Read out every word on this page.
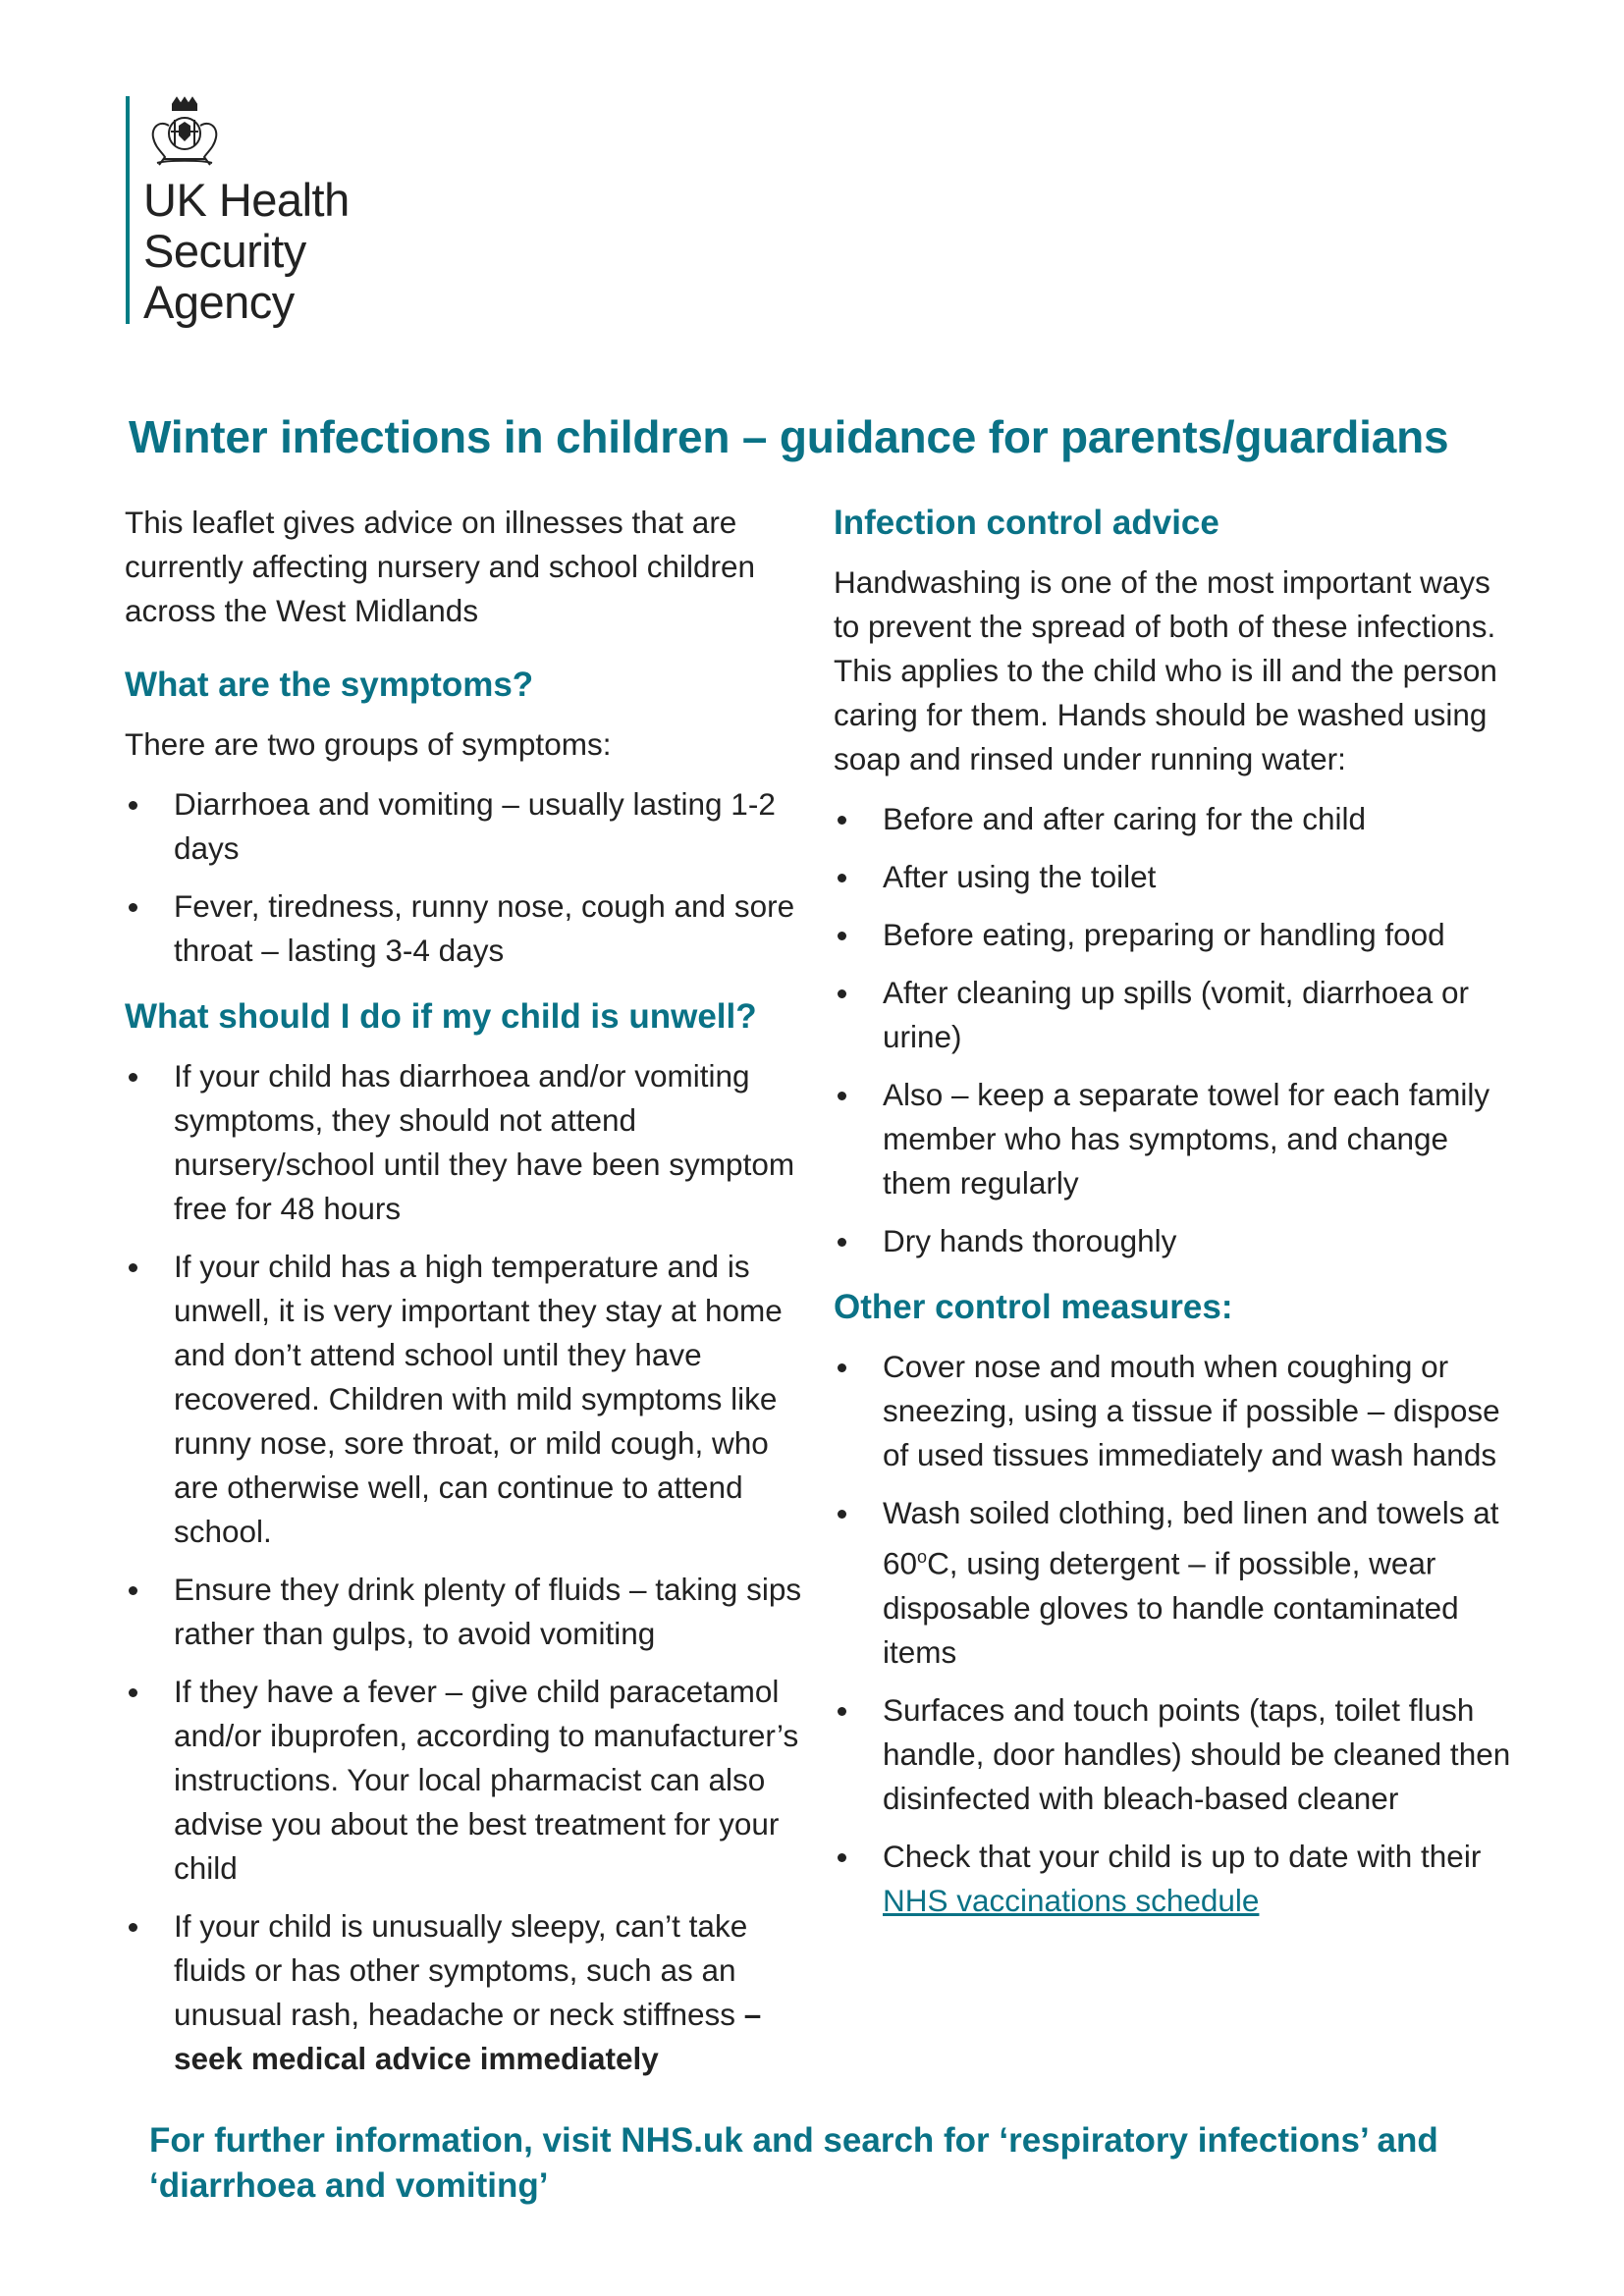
UK Health
Security
Agency
Winter infections in children – guidance for parents/guardians

This leaflet gives advice on illnesses that are currently affecting nursery and school children across the West Midlands

What are the symptoms?

There are two groups of symptoms:

Diarrhoea and vomiting – usually lasting 1-2 days
Fever, tiredness, runny nose, cough and sore throat – lasting 3-4 days
What should I do if my child is unwell?
If your child has diarrhoea and/or vomiting symptoms, they should not attend nursery/school until they have been symptom free for 48 hours
If your child has a high temperature and is unwell, it is very important they stay at home and don’t attend school until they have recovered. Children with mild symptoms like runny nose, sore throat, or mild cough, who are otherwise well, can continue to attend school.
Ensure they drink plenty of fluids – taking sips rather than gulps, to avoid vomiting
If they have a fever – give child paracetamol and/or ibuprofen, according to manufacturer’s instructions. Your local pharmacist can also advise you about the best treatment for your child
If your child is unusually sleepy, can’t take fluids or has other symptoms, such as an unusual rash, headache or neck stiffness – seek medical advice immediately
Infection control advice

Handwashing is one of the most important ways to prevent the spread of both of these infections. This applies to the child who is ill and the person caring for them. Hands should be washed using soap and rinsed under running water:

Before and after caring for the child
After using the toilet
Before eating, preparing or handling food
After cleaning up spills (vomit, diarrhoea or urine)
Also – keep a separate towel for each family member who has symptoms, and change them regularly
Dry hands thoroughly
Other control measures:
Cover nose and mouth when coughing or sneezing, using a tissue if possible – dispose of used tissues immediately and wash hands
Wash soiled clothing, bed linen and towels at 60$^o$C, using detergent – if possible, wear disposable gloves to handle contaminated items
Surfaces and touch points (taps, toilet flush handle, door handles) should be cleaned then disinfected with bleach-based cleaner
Check that your child is up to date with their NHS vaccinations schedule

For further information, visit NHS.uk and search for ‘respiratory infections’ and ‘diarrhoea and vomiting’
